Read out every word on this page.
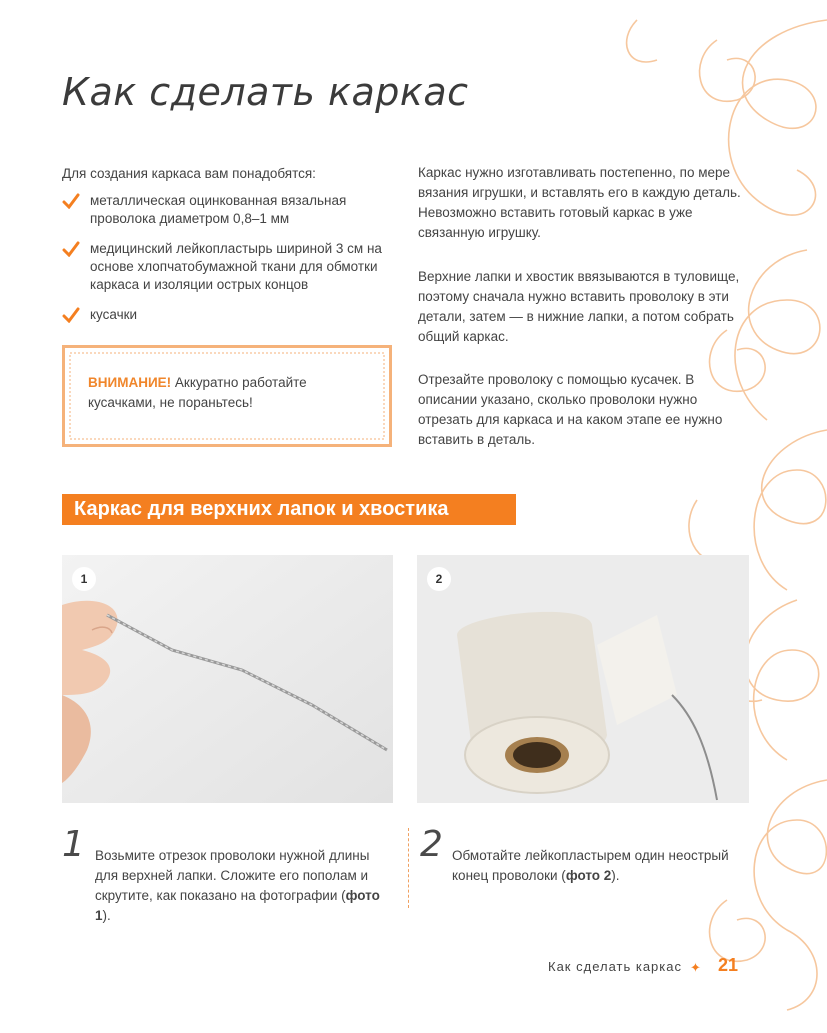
Как сделать каркас
Для создания каркаса вам понадобятся:
металлическая оцинкованная вязальная проволока диаметром 0,8–1 мм
медицинский лейкопластырь шириной 3 см на основе хлопчатобумажной ткани для обмотки каркаса и изоляции острых концов
кусачки
ВНИМАНИЕ! Аккуратно работайте кусачками, не пораньтесь!

Каркас нужно изготавливать постепенно, по мере вязания игрушки, и вставлять его в каждую деталь. Невозможно вставить готовый каркас в уже связанную игрушку.

Верхние лапки и хвостик ввязываются в туловище, поэтому сначала нужно вставить проволоку в эти детали, затем — в нижние лапки, а потом собрать общий каркас.

Отрезайте проволоку с помощью кусачек. В описании указано, сколько проволоки нужно отрезать для каркаса и на каком этапе ее нужно вставить в деталь.

Каркас для верхних лапок и хвостика
1	2
1 Возьмите отрезок проволоки нужной длины для верхней лапки. Сложите его пополам и скрутите, как показано на фотографии (фото 1).
2 Обмотайте лейкопластырем один неострый конец проволоки (фото 2).
Как сделать каркас ✦ 21
